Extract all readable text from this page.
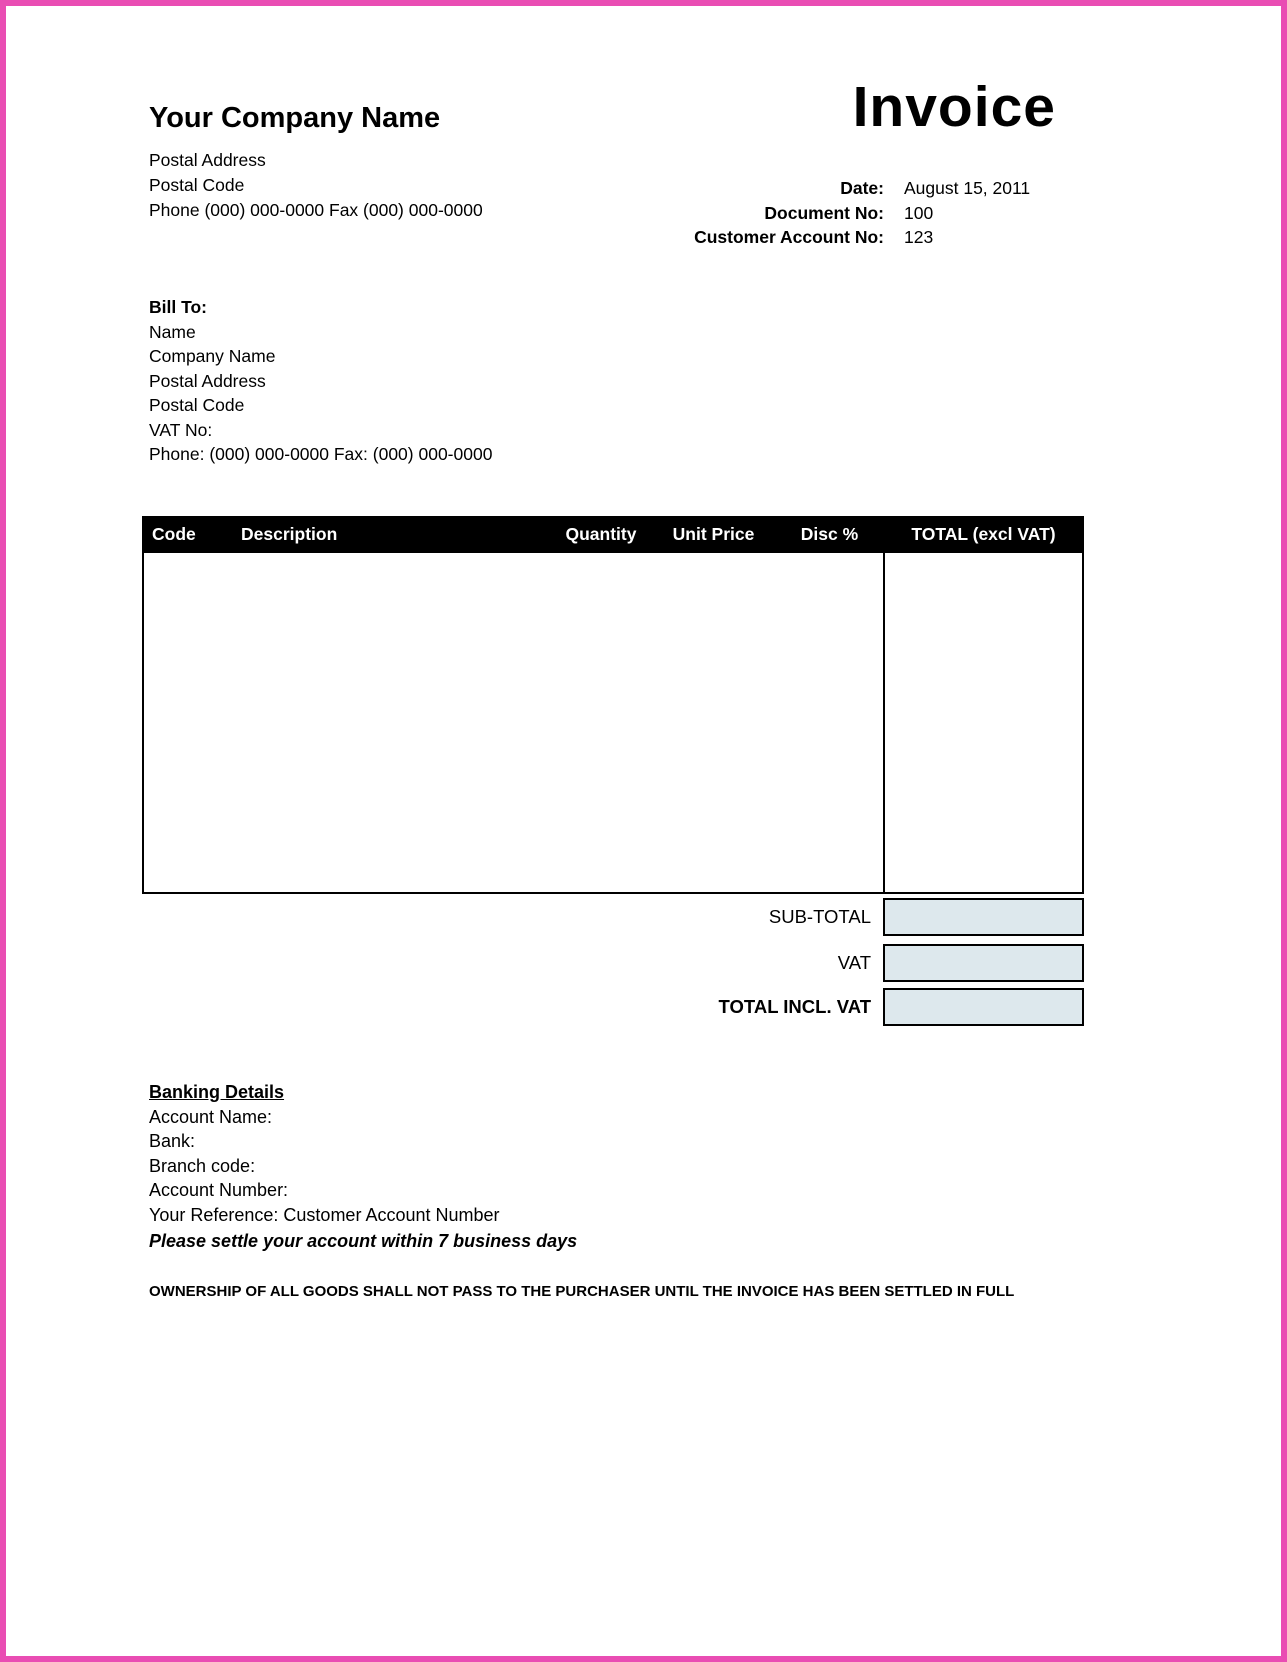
Your Company Name
Postal Address
Postal Code
Phone (000) 000-0000 Fax (000) 000-0000
Invoice
Date:	August 15, 2011
Document No:	100
Customer Account No:	123
Bill To:
Name
Company Name
Postal Address
Postal Code
VAT No:
Phone: (000) 000-0000 Fax: (000) 000-0000
Code	Description	Quantity	Unit Price	Disc %	TOTAL (excl VAT)
SUB-TOTAL
VAT
TOTAL INCL. VAT
Banking Details
Account Name:
Bank:
Branch code:
Account Number:
Your Reference: Customer Account Number
Please settle your account within 7 business days
OWNERSHIP OF ALL GOODS SHALL NOT PASS TO THE PURCHASER UNTIL THE INVOICE HAS BEEN SETTLED IN FULL
